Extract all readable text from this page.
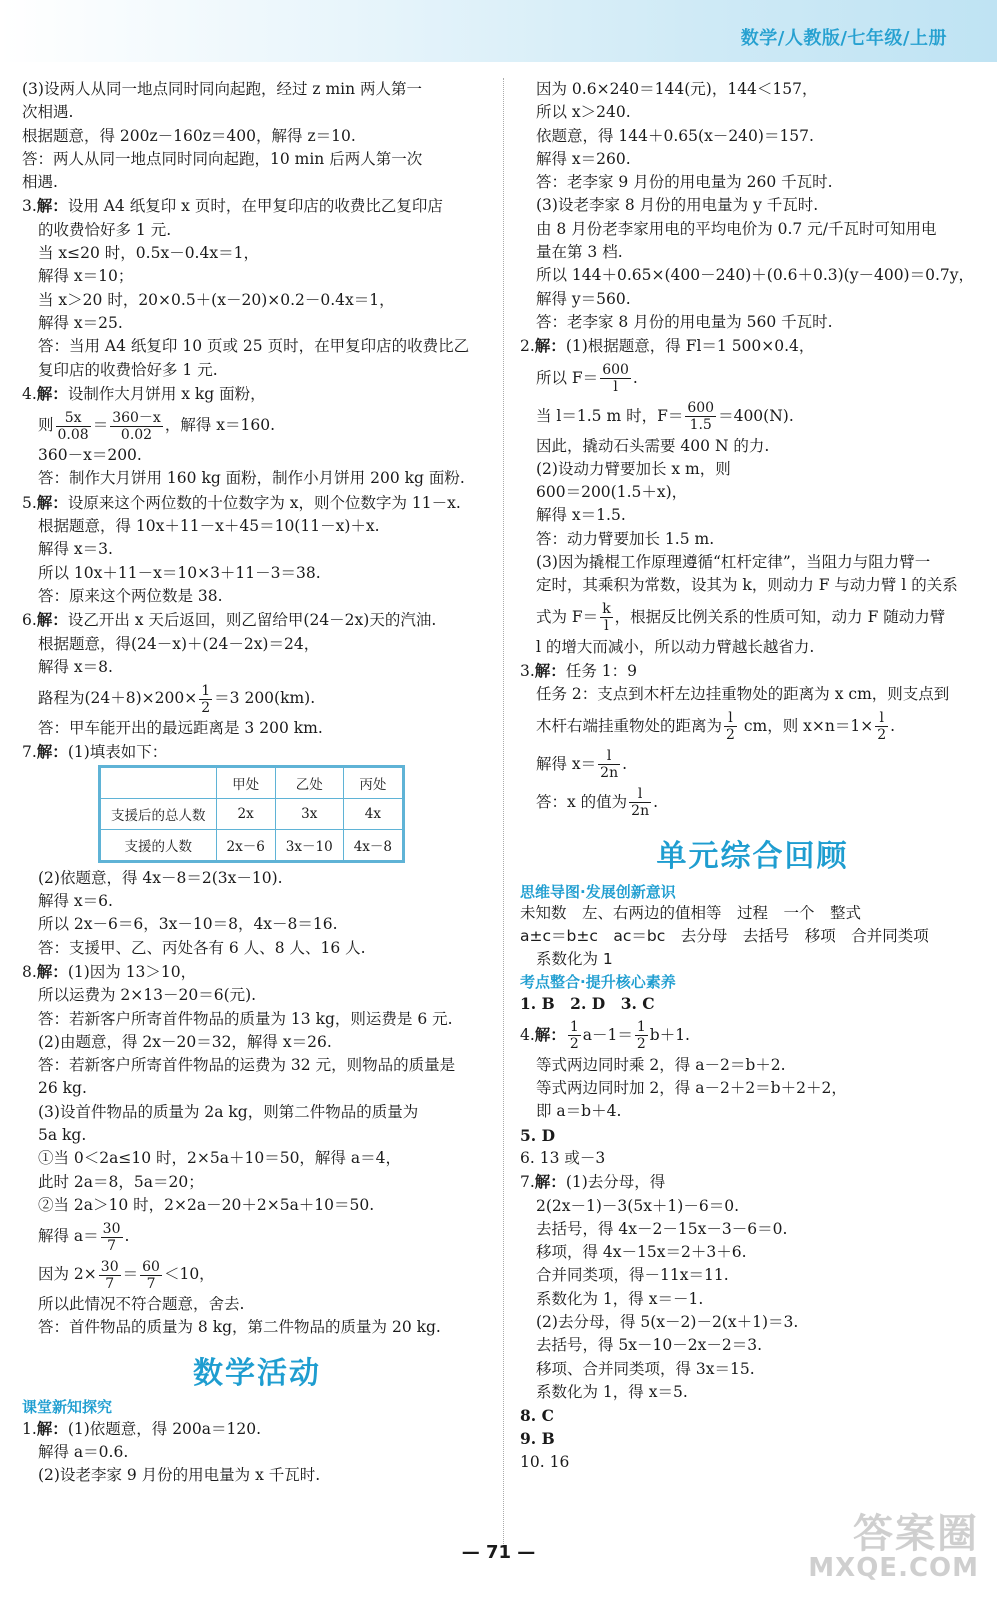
数学/人教版/七年级/上册
(3)设两人从同一地点同时同向起跑，经过 z min 两人第一
次相遇.
根据题意，得 200z－160z＝400，解得 z＝10.
答：两人从同一地点同时同向起跑，10 min 后两人第一次
相遇.
3.解：设用 A4 纸复印 x 页时，在甲复印店的收费比乙复印店
的收费恰好多 1 元.
当 x≤20 时，0.5x－0.4x＝1，
解得 x＝10；
当 x＞20 时，20×0.5＋(x－20)×0.2－0.4x＝1，
解得 x＝25.
答：当用 A4 纸复印 10 页或 25 页时，在甲复印店的收费比乙
复印店的收费恰好多 1 元.
4.解：设制作大月饼用 x kg 面粉，
则 $\frac{5x}{0.08} = \frac{360-x}{0.02}$ ，解得 x＝160.
360－x＝200.
答：制作大月饼用 160 kg 面粉，制作小月饼用 200 kg 面粉.
5.解：设原来这个两位数的十位数字为 x，则个位数字为 11－x.
根据题意，得 10x＋11－x＋45＝10(11－x)＋x.
解得 x＝3.
所以 10x＋11－x＝10×3＋11－3＝38.
答：原来这个两位数是 38.
6.解：设乙开出 x 天后返回，则乙留给甲(24－2x)天的汽油.
根据题意，得(24－x)＋(24－2x)＝24，
解得 x＝8.
路程为$(24+8)\times 200\times \frac{1}{2} =3$ 200(km).
答：甲车能开出的最远距离是 3 200 km.
7.解：(1)填表如下：
	甲处	乙处	丙处
支援后的总人数	2x	3x	4x
支援的人数	2x－6	3x－10	4x－8
(2)依题意，得 4x－8＝2(3x－10).
解得 x＝6.
所以 2x－6＝6，3x－10＝8，4x－8＝16.
答：支援甲、乙、丙处各有 6 人、8 人、16 人.
8.解：(1)因为 13＞10，
所以运费为 2×13－20＝6(元).
答：若新客户所寄首件物品的质量为 13 kg，则运费是 6 元.
(2)由题意，得 2x－20＝32，解得 x＝26.
答：若新客户所寄首件物品的运费为 32 元，则物品的质量是
26 kg.
(3)设首件物品的质量为 2a kg，则第二件物品的质量为
5a kg.
①当 0＜2a≤10 时，2×5a＋10＝50，解得 a＝4，
此时 2a＝8，5a＝20；
②当 2a＞10 时，2×2a－20＋2×5a＋10＝50.
解得 $a= \frac{30}{7}$ .
因为 $2\times \frac{30}{7} = \frac{60}{7} <10$，
所以此情况不符合题意，舍去.
答：首件物品的质量为 8 kg，第二件物品的质量为 20 kg.
数学活动
课堂新知探究
1.解：(1)依题意，得 200a＝120.
解得 a＝0.6.
(2)设老李家 9 月份的用电量为 x 千瓦时.
因为 0.6×240＝144(元)，144＜157，
所以 x＞240.
依题意，得 144＋0.65(x－240)＝157.
解得 x＝260.
答：老李家 9 月份的用电量为 260 千瓦时.
(3)设老李家 8 月份的用电量为 y 千瓦时.
由 8 月份老李家用电的平均电价为 0.7 元/千瓦时可知用电
量在第 3 档.
所以 144＋0.65×(400－240)＋(0.6＋0.3)(y－400)＝0.7y，
解得 y＝560.
答：老李家 8 月份的用电量为 560 千瓦时.
2.解：(1)根据题意，得 Fl＝1 500×0.4，
所以 $F= \frac{600}{l}$ .
当 l＝1.5 m 时，$F= \frac{600}{1.5} =400(N)$.
因此，撬动石头需要 400 N 的力.
(2)设动力臂要加长 x m，则
600＝200(1.5＋x)，
解得 x＝1.5.
答：动力臂要加长 1.5 m.
(3)因为撬棍工作原理遵循“杠杆定律”，当阻力与阻力臂一
定时，其乘积为常数，设其为 k，则动力 F 与动力臂 l 的关系
式为 $F= \frac{k}{l}$ ，根据反比例关系的性质可知，动力 F 随动力臂
l 的增大而减小，所以动力臂越长越省力.
3.解：任务 1：9
任务 2：支点到木杆左边挂重物处的距离为 x cm，则支点到
木杆右端挂重物处的距离为 $\frac{l}{2}$ cm，则 $x\times n=1\times \frac{l}{2}$ .
解得 $x= \frac{l}{2n}$ .
答：x 的值为 $\frac{l}{2n}$ .
单元综合回顾
思维导图·发展创新意识
未知数　左、右两边的值相等　过程　一个　整式
a±c＝b±c　ac＝bc　去分母　去括号　移项　合并同类项
系数化为 1
考点整合·提升核心素养
1. B　2. D　3. C
4.解： $\frac{1}{2} a-1= \frac{1}{2} b+1$.
等式两边同时乘 2，得 a－2＝b＋2.
等式两边同时加 2，得 a－2＋2＝b＋2＋2，
即 a＝b＋4.
5. D
6. 13 或－3
7.解：(1)去分母，得
2(2x－1)－3(5x＋1)－6＝0.
去括号，得 4x－2－15x－3－6＝0.
移项，得 4x－15x＝2＋3＋6.
合并同类项，得－11x＝11.
系数化为 1，得 x＝－1.
(2)去分母，得 5(x－2)－2(x＋1)＝3.
去括号，得 5x－10－2x－2＝3.
移项、合并同类项，得 3x＝15.
系数化为 1，得 x＝5.
8. C
9. B
10. 16
— 71 —	答案圈
MXQE.COM
